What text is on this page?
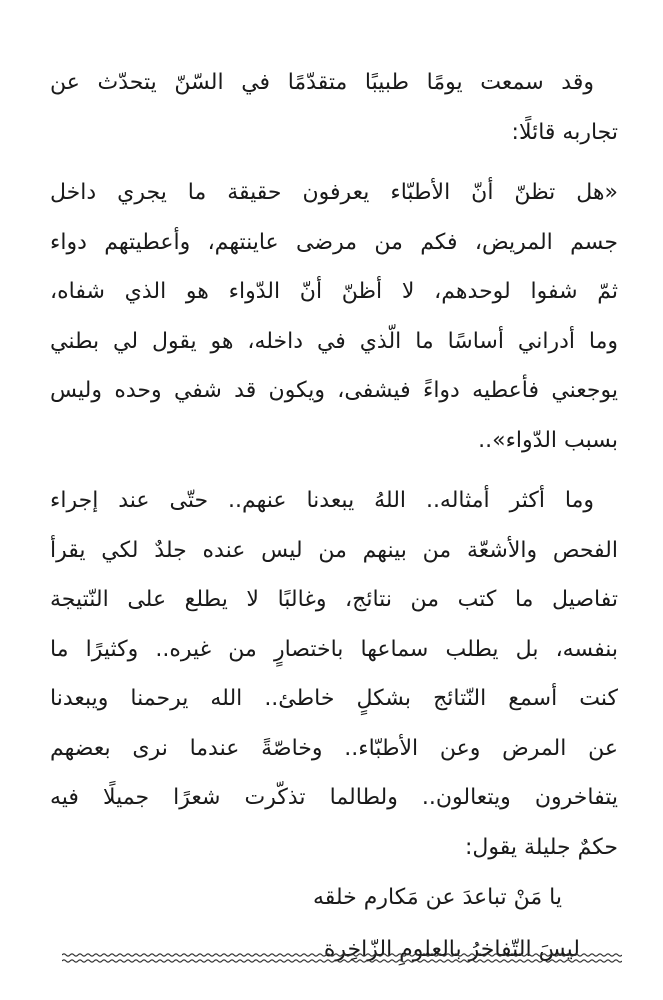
وقد سمعت يومًا طبيبًا متقدّمًا في السّنّ يتحدّث عن
تجاربه قائلًا:
«هل تظنّ أنّ الأطبّاء يعرفون حقيقة ما يجري داخل
جسم المريض، فكم من مرضى عاينتهم، وأعطيتهم دواء
ثمّ شفوا لوحدهم، لا أظنّ أنّ الدّواء هو الذي شفاه،
وما أدراني أساسًا ما الّذي في داخله، هو يقول لي بطني
يوجعني فأعطيه دواءً فيشفى، ويكون قد شفي وحده وليس
بسبب الدّواء»..
وما أكثر أمثاله.. اللهُ يبعدنا عنهم.. حتّى عند إجراء
الفحص والأشعّة من بينهم من ليس عنده جلدٌ لكي يقرأ
تفاصيل ما كتب من نتائج، وغالبًا لا يطلع على النّتيجة
بنفسه، بل يطلب سماعها باختصارٍ من غيره.. وكثيرًا ما
كنت أسمع النّتائج بشكلٍ خاطئ.. الله يرحمنا ويبعدنا
عن المرض وعن الأطبّاء.. وخاصّةً عندما نرى بعضهم
يتفاخرون ويتعالون.. ولطالما تذكّرت شعرًا جميلًا فيه
حكمٌ جليلة يقول:
يا مَنْ تباعدَ عن مَكارم خلقه
ليسَ التّفاخرُ بالعلومِ الزّاخِرة
